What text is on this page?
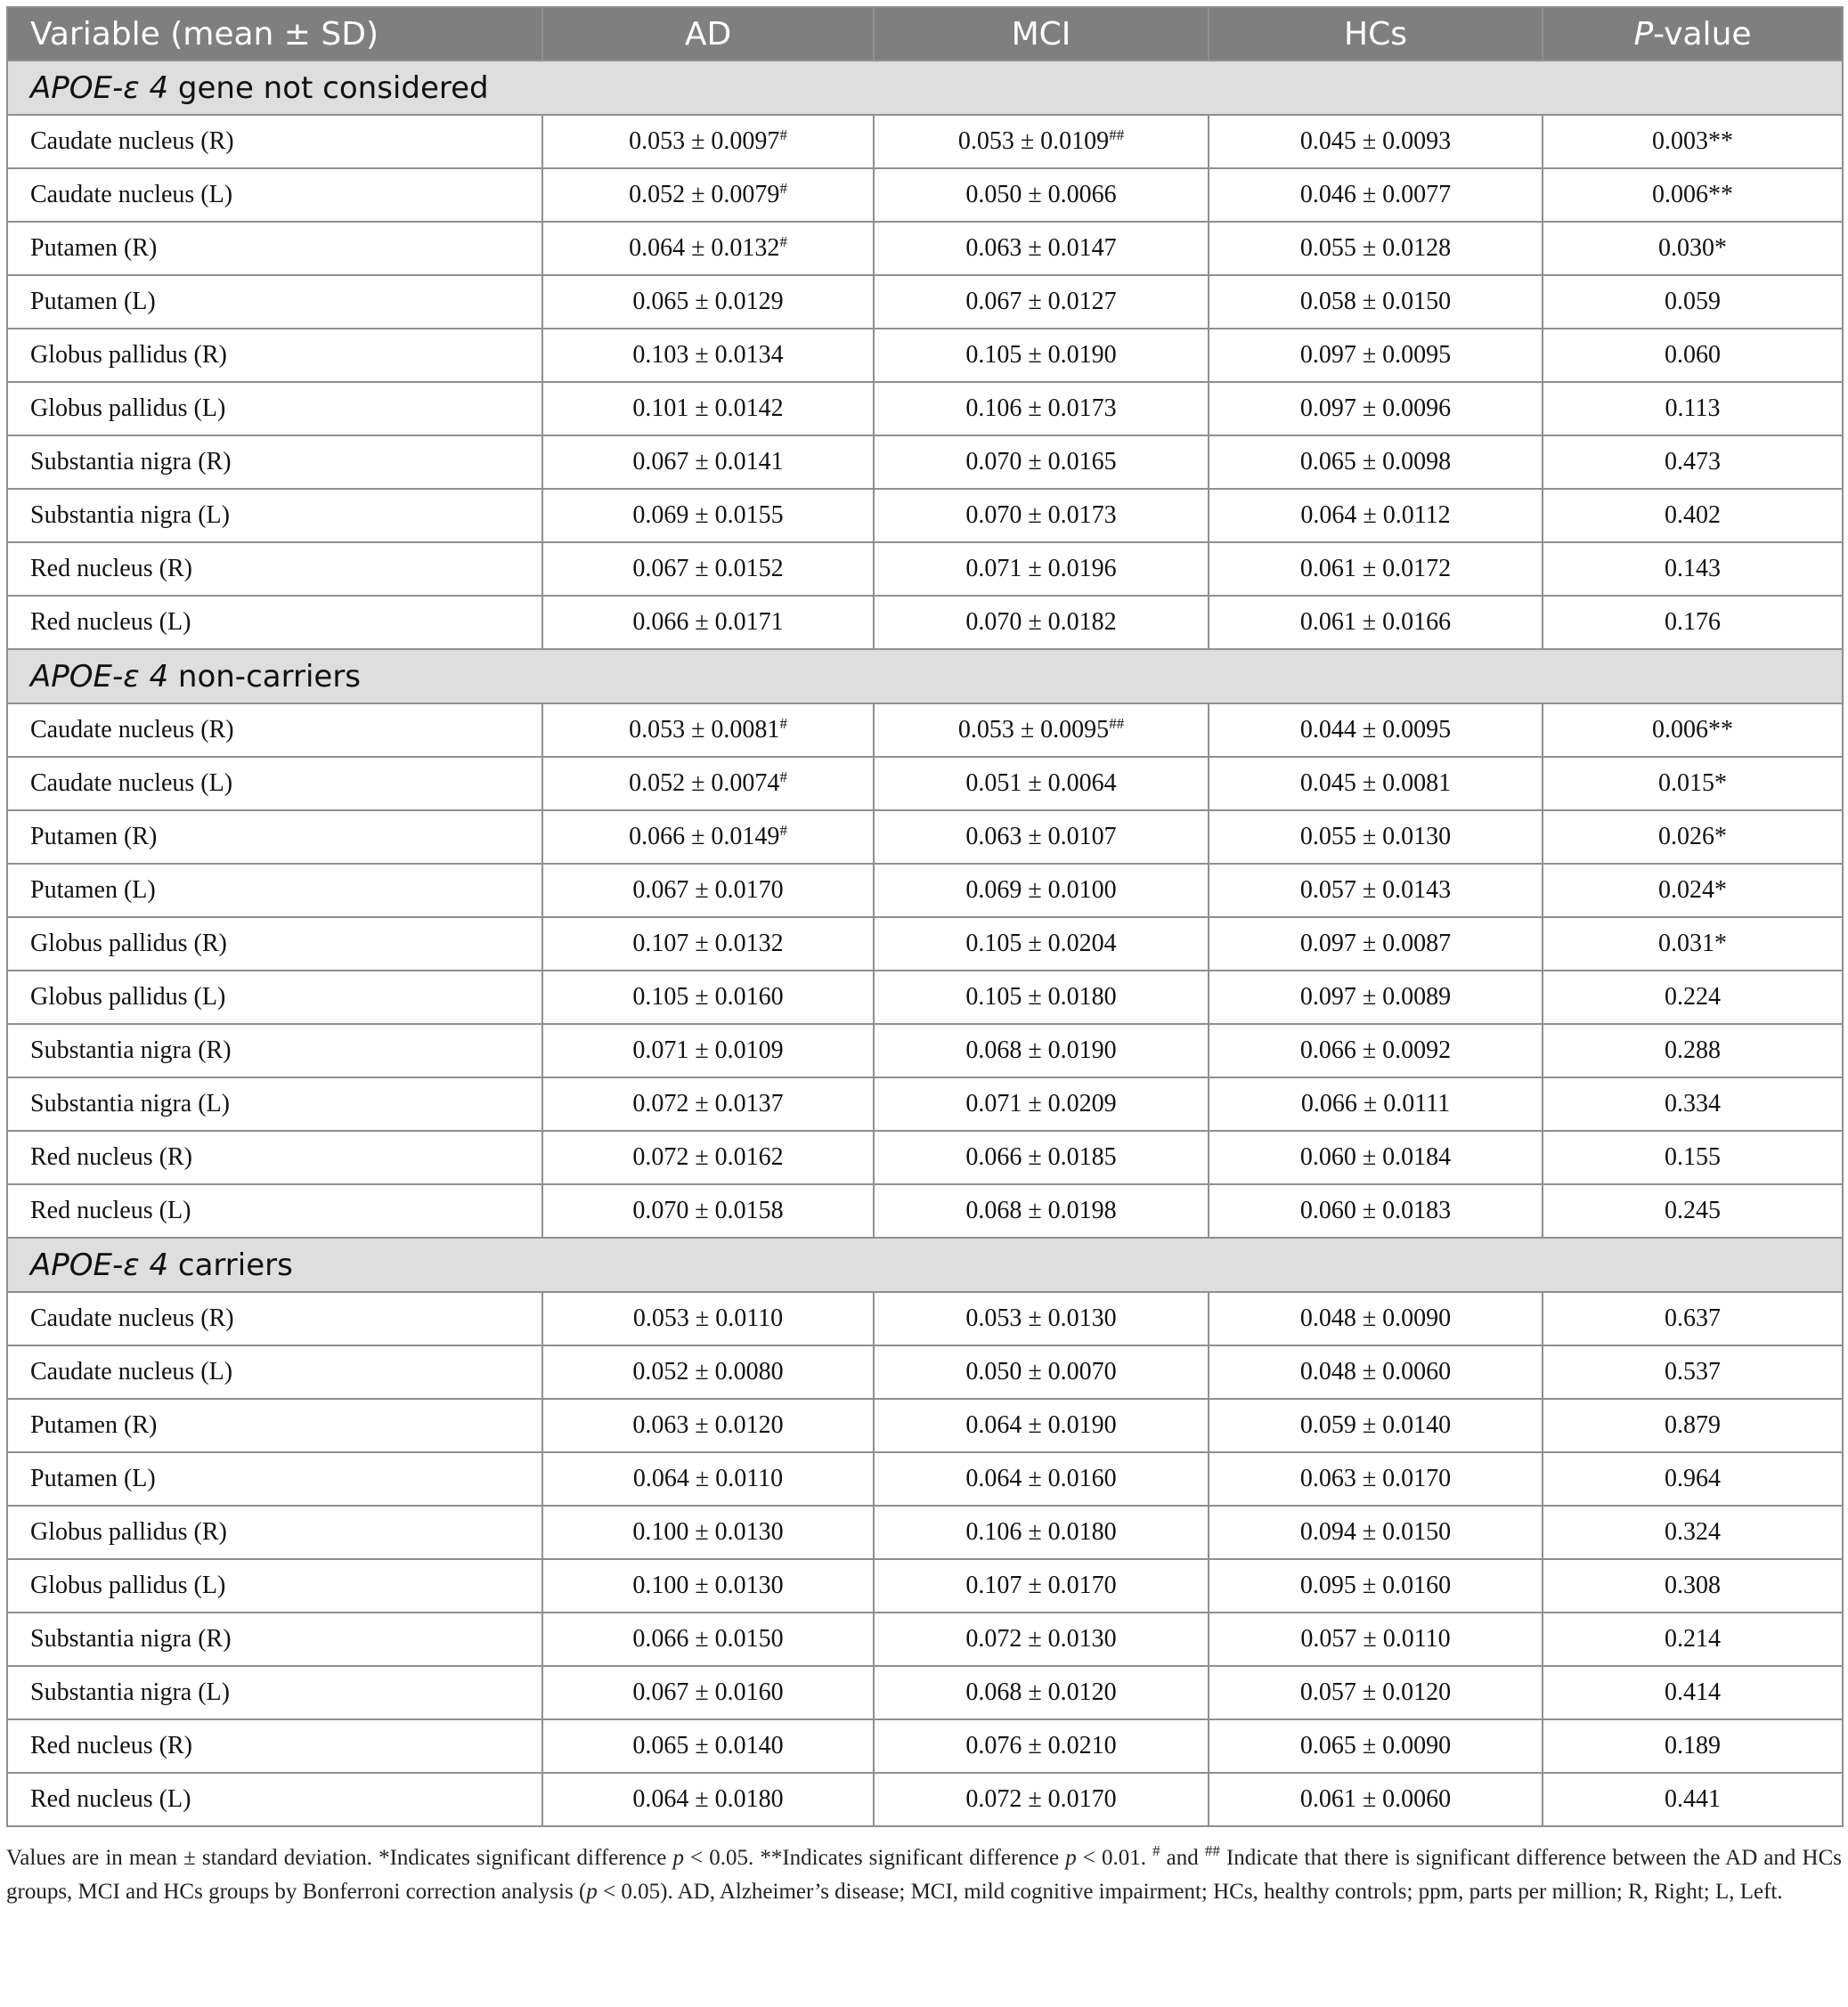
Variable (mean ± SD)	AD	MCI	HCs	P-value
APOE-ε 4 gene not considered				
Caudate nucleus (R)	0.053 ± 0.0097#	0.053 ± 0.0109##	0.045 ± 0.0093	0.003**
Caudate nucleus (L)	0.052 ± 0.0079#	0.050 ± 0.0066	0.046 ± 0.0077	0.006**
Putamen (R)	0.064 ± 0.0132#	0.063 ± 0.0147	0.055 ± 0.0128	0.030*
Putamen (L)	0.065 ± 0.0129	0.067 ± 0.0127	0.058 ± 0.0150	0.059
Globus pallidus (R)	0.103 ± 0.0134	0.105 ± 0.0190	0.097 ± 0.0095	0.060
Globus pallidus (L)	0.101 ± 0.0142	0.106 ± 0.0173	0.097 ± 0.0096	0.113
Substantia nigra (R)	0.067 ± 0.0141	0.070 ± 0.0165	0.065 ± 0.0098	0.473
Substantia nigra (L)	0.069 ± 0.0155	0.070 ± 0.0173	0.064 ± 0.0112	0.402
Red nucleus (R)	0.067 ± 0.0152	0.071 ± 0.0196	0.061 ± 0.0172	0.143
Red nucleus (L)	0.066 ± 0.0171	0.070 ± 0.0182	0.061 ± 0.0166	0.176
APOE-ε 4 non-carriers				
Caudate nucleus (R)	0.053 ± 0.0081#	0.053 ± 0.0095##	0.044 ± 0.0095	0.006**
Caudate nucleus (L)	0.052 ± 0.0074#	0.051 ± 0.0064	0.045 ± 0.0081	0.015*
Putamen (R)	0.066 ± 0.0149#	0.063 ± 0.0107	0.055 ± 0.0130	0.026*
Putamen (L)	0.067 ± 0.0170	0.069 ± 0.0100	0.057 ± 0.0143	0.024*
Globus pallidus (R)	0.107 ± 0.0132	0.105 ± 0.0204	0.097 ± 0.0087	0.031*
Globus pallidus (L)	0.105 ± 0.0160	0.105 ± 0.0180	0.097 ± 0.0089	0.224
Substantia nigra (R)	0.071 ± 0.0109	0.068 ± 0.0190	0.066 ± 0.0092	0.288
Substantia nigra (L)	0.072 ± 0.0137	0.071 ± 0.0209	0.066 ± 0.0111	0.334
Red nucleus (R)	0.072 ± 0.0162	0.066 ± 0.0185	0.060 ± 0.0184	0.155
Red nucleus (L)	0.070 ± 0.0158	0.068 ± 0.0198	0.060 ± 0.0183	0.245
APOE-ε 4 carriers				
Caudate nucleus (R)	0.053 ± 0.0110	0.053 ± 0.0130	0.048 ± 0.0090	0.637
Caudate nucleus (L)	0.052 ± 0.0080	0.050 ± 0.0070	0.048 ± 0.0060	0.537
Putamen (R)	0.063 ± 0.0120	0.064 ± 0.0190	0.059 ± 0.0140	0.879
Putamen (L)	0.064 ± 0.0110	0.064 ± 0.0160	0.063 ± 0.0170	0.964
Globus pallidus (R)	0.100 ± 0.0130	0.106 ± 0.0180	0.094 ± 0.0150	0.324
Globus pallidus (L)	0.100 ± 0.0130	0.107 ± 0.0170	0.095 ± 0.0160	0.308
Substantia nigra (R)	0.066 ± 0.0150	0.072 ± 0.0130	0.057 ± 0.0110	0.214
Substantia nigra (L)	0.067 ± 0.0160	0.068 ± 0.0120	0.057 ± 0.0120	0.414
Red nucleus (R)	0.065 ± 0.0140	0.076 ± 0.0210	0.065 ± 0.0090	0.189
Red nucleus (L)	0.064 ± 0.0180	0.072 ± 0.0170	0.061 ± 0.0060	0.441
Values are in mean ± standard deviation. *Indicates significant difference p < 0.05. **Indicates significant difference p < 0.01. # and ## Indicate that there is significant difference between the AD and HCs groups, MCI and HCs groups by Bonferroni correction analysis (p < 0.05). AD, Alzheimer’s disease; MCI, mild cognitive impairment; HCs, healthy controls; ppm, parts per million; R, Right; L, Left.
